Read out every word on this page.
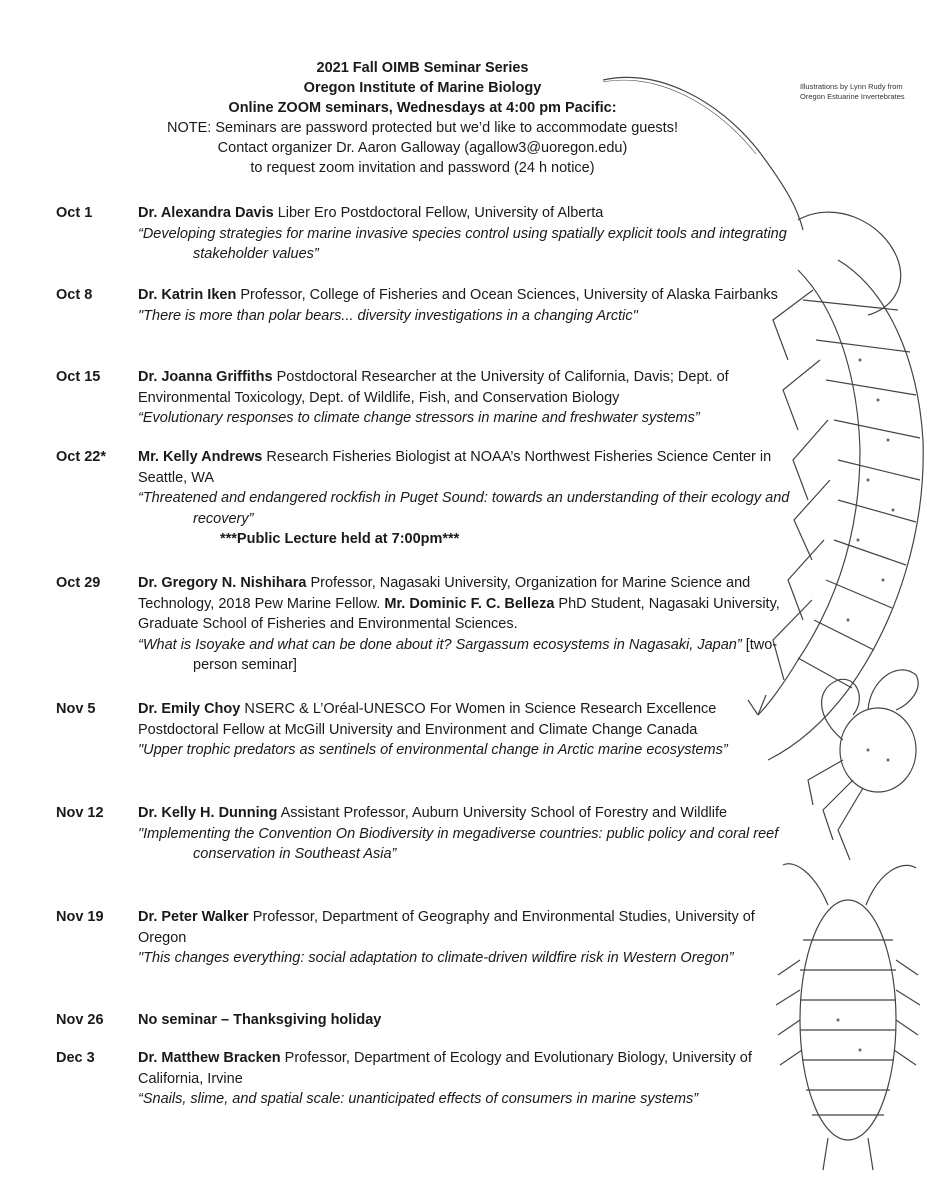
Illustrations by Lynn Rudy from
Oregon Estuarine Invertebrates
2021 Fall OIMB Seminar Series
Oregon Institute of Marine Biology
Online ZOOM seminars, Wednesdays at 4:00 pm Pacific:
NOTE: Seminars are password protected but we’d like to accommodate guests!
Contact organizer Dr. Aaron Galloway (agallow3@uoregon.edu)
to request zoom invitation and password (24 h notice)
Oct 1	Dr. Alexandra Davis Liber Ero Postdoctoral Fellow, University of Alberta
“Developing strategies for marine invasive species control using spatially explicit tools and integrating stakeholder values”
Oct 8	Dr. Katrin Iken Professor, College of Fisheries and Ocean Sciences, University of Alaska Fairbanks
"There is more than polar bears... diversity investigations in a changing Arctic"
Oct 15	Dr. Joanna Griffiths Postdoctoral Researcher at the University of California, Davis; Dept. of Environmental Toxicology, Dept. of Wildlife, Fish, and Conservation Biology
“Evolutionary responses to climate change stressors in marine and freshwater systems”
Oct 22*	Mr. Kelly Andrews Research Fisheries Biologist at NOAA’s Northwest Fisheries Science Center in Seattle, WA
“Threatened and endangered rockfish in Puget Sound: towards an understanding of their ecology and recovery”
***Public Lecture held at 7:00pm***
Oct 29	Dr. Gregory N. Nishihara Professor, Nagasaki University, Organization for Marine Science and Technology, 2018 Pew Marine Fellow. Mr. Dominic F. C. Belleza PhD Student, Nagasaki University, Graduate School of Fisheries and Environmental Sciences.
“What is Isoyake and what can be done about it? Sargassum ecosystems in Nagasaki, Japan” [two-person seminar]
Nov 5	Dr. Emily Choy NSERC & L’Oréal-UNESCO For Women in Science Research Excellence Postdoctoral Fellow at McGill University and Environment and Climate Change Canada
"Upper trophic predators as sentinels of environmental change in Arctic marine ecosystems”
Nov 12	Dr. Kelly H. Dunning Assistant Professor, Auburn University School of Forestry and Wildlife
"Implementing the Convention On Biodiversity in megadiverse countries: public policy and coral reef conservation in Southeast Asia”
Nov 19	Dr. Peter Walker Professor, Department of Geography and Environmental Studies, University of Oregon
"This changes everything: social adaptation to climate-driven wildfire risk in Western Oregon”
Nov 26	No seminar – Thanksgiving holiday
Dec 3	Dr. Matthew Bracken Professor, Department of Ecology and Evolutionary Biology, University of California, Irvine
“Snails, slime, and spatial scale: unanticipated effects of consumers in marine systems”
